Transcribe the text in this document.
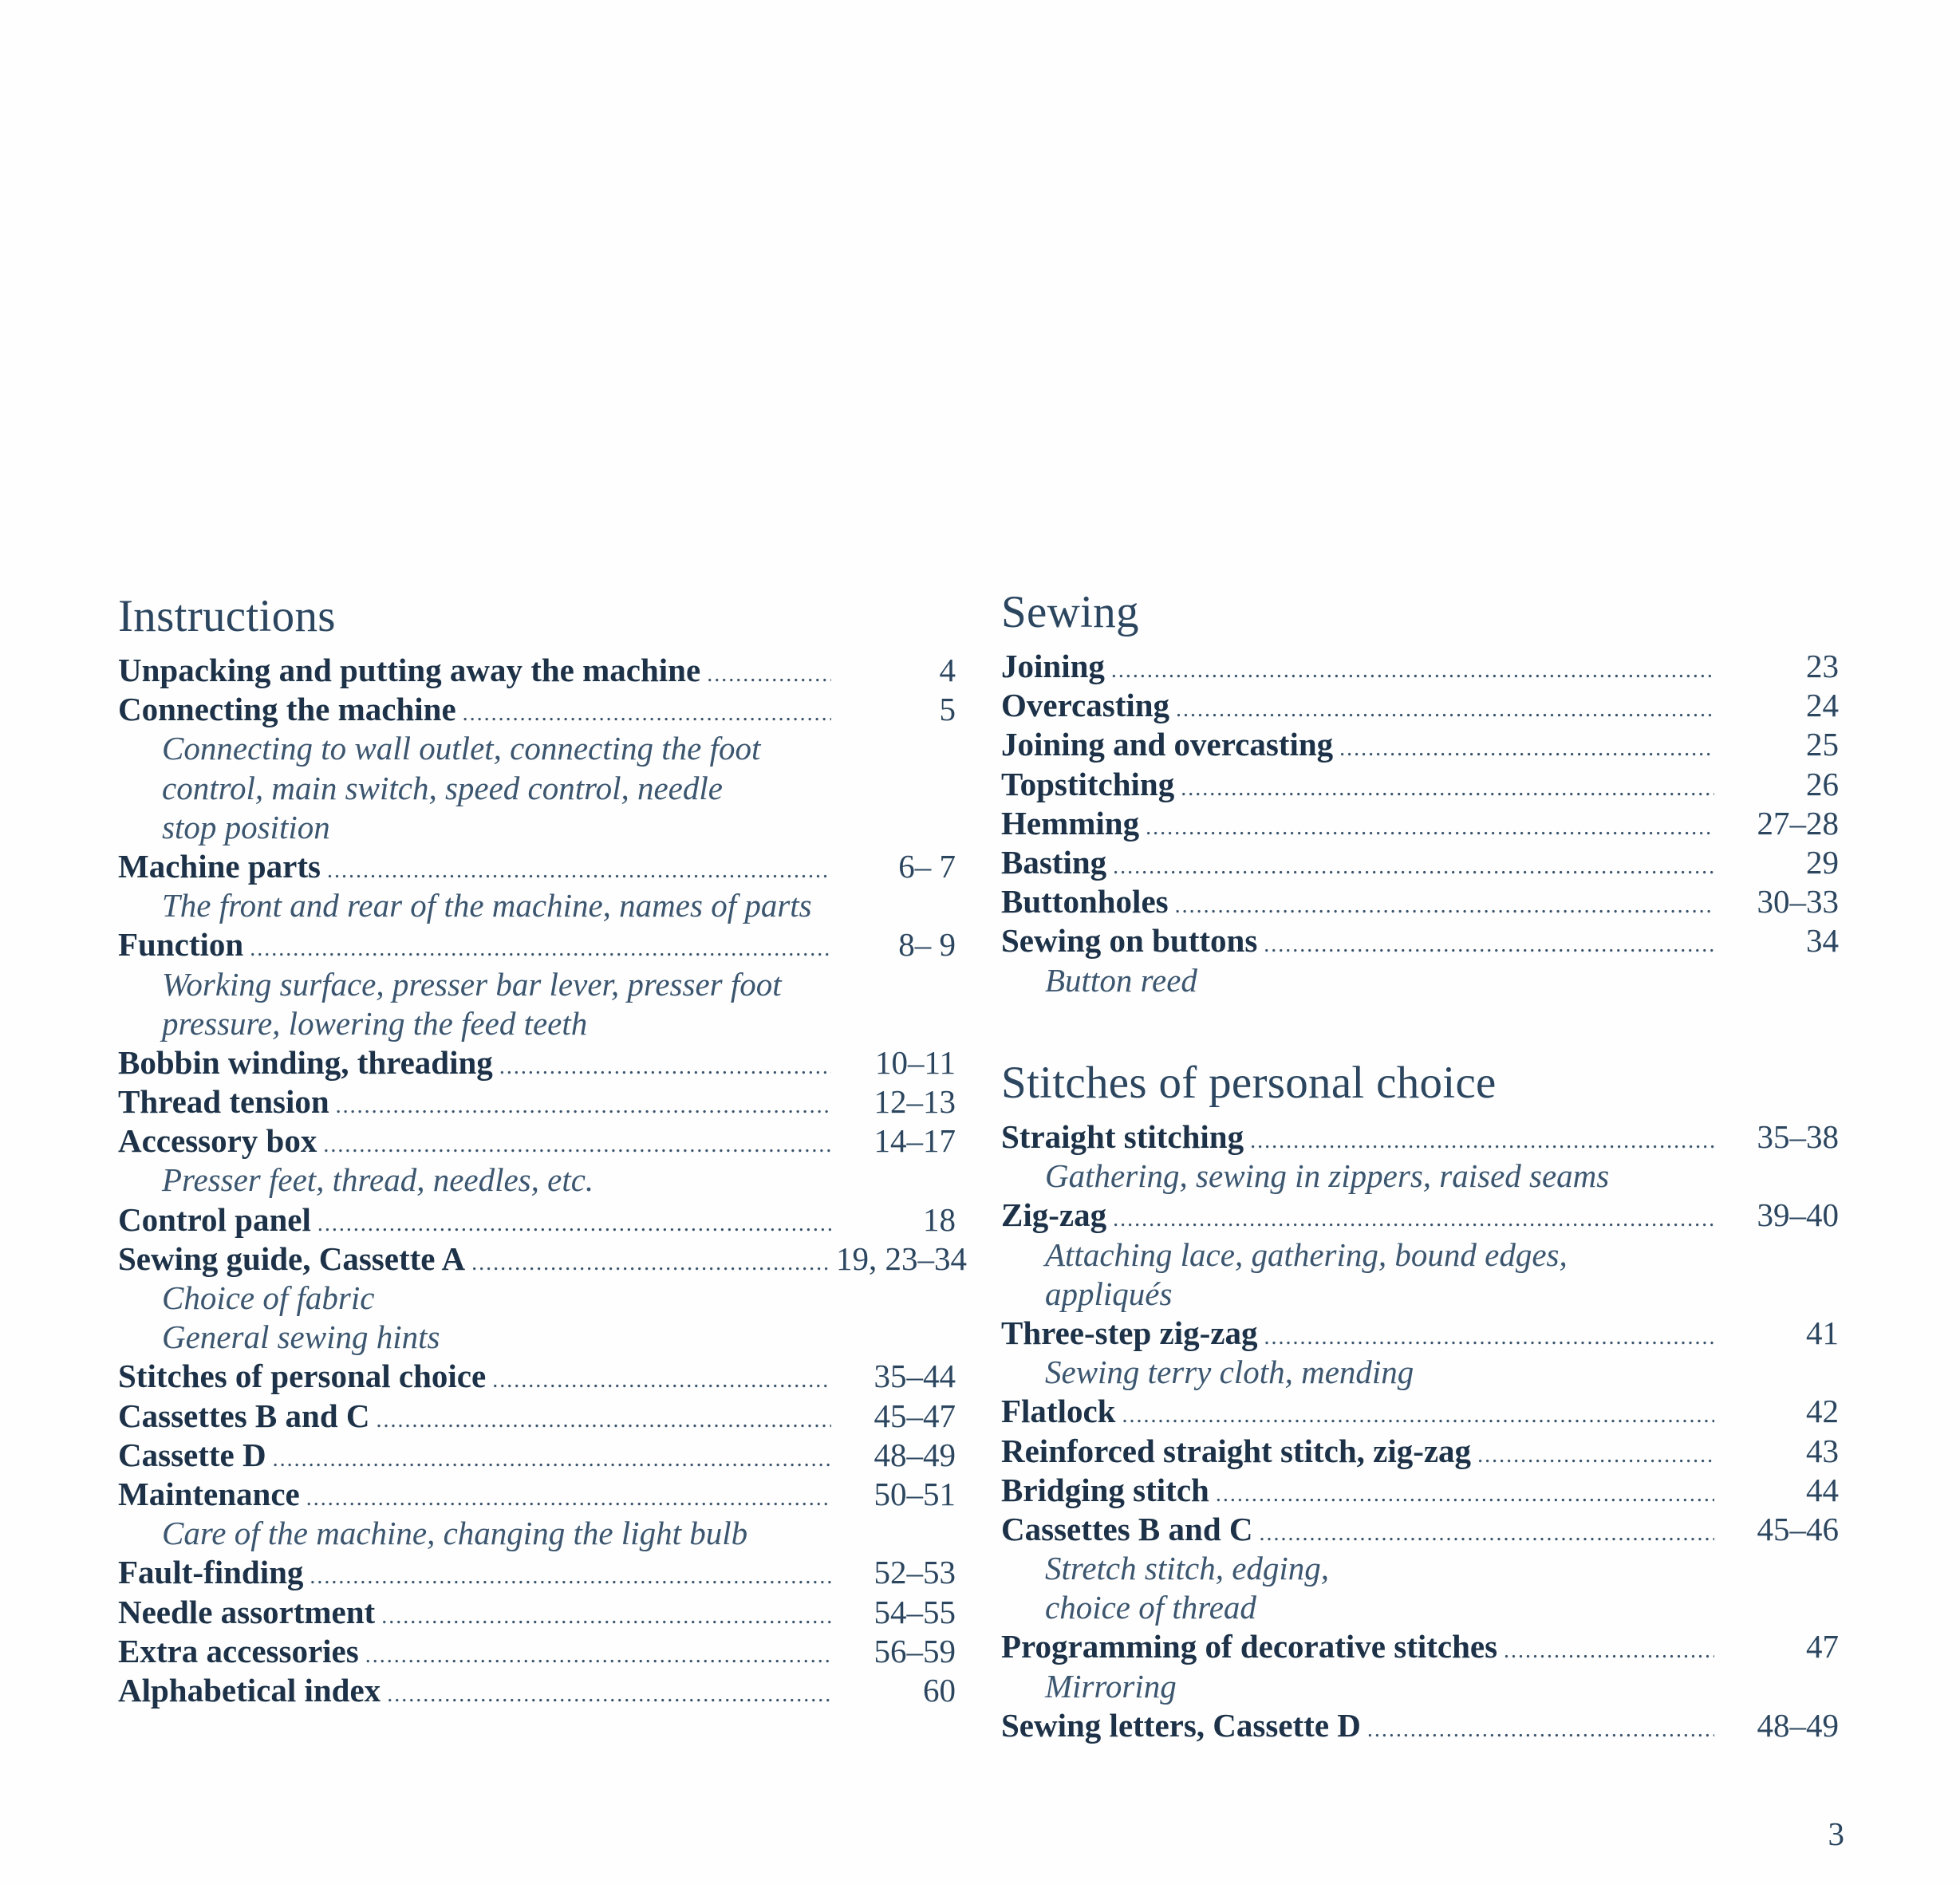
Instructions
Unpacking and putting away the machine .....	4
Connecting the machine .....	5
Connecting to wall outlet, connecting the foot
control, main switch, speed control, needle
stop position
Machine parts .....	6– 7
The front and rear of the machine, names of parts
Function .....	8– 9
Working surface, presser bar lever, presser foot
pressure, lowering the feed teeth
Bobbin winding, threading .....	10–11
Thread tension .....	12–13
Accessory box .....	14–17
Presser feet, thread, needles, etc.
Control panel .....	18
Sewing guide, Cassette A .....	19, 23–34
Choice of fabric
General sewing hints
Stitches of personal choice .....	35–44
Cassettes B and C .....	45–47
Cassette D .....	48–49
Maintenance .....	50–51
Care of the machine, changing the light bulb
Fault-finding .....	52–53
Needle assortment .....	54–55
Extra accessories .....	56–59
Alphabetical index .....	60
Sewing
Joining .....	23
Overcasting .....	24
Joining and overcasting .....	25
Topstitching .....	26
Hemming .....	27–28
Basting .....	29
Buttonholes .....	30–33
Sewing on buttons .....	34
Button reed
Stitches of personal choice
Straight stitching .....	35–38
Gathering, sewing in zippers, raised seams
Zig-zag .....	39–40
Attaching lace, gathering, bound edges,
appliqués
Three-step zig-zag .....	41
Sewing terry cloth, mending
Flatlock .....	42
Reinforced straight stitch, zig-zag .....	43
Bridging stitch .....	44
Cassettes B and C .....	45–46
Stretch stitch, edging,
choice of thread
Programming of decorative stitches .....	47
Mirroring
Sewing letters, Cassette D .....	48–49
3
